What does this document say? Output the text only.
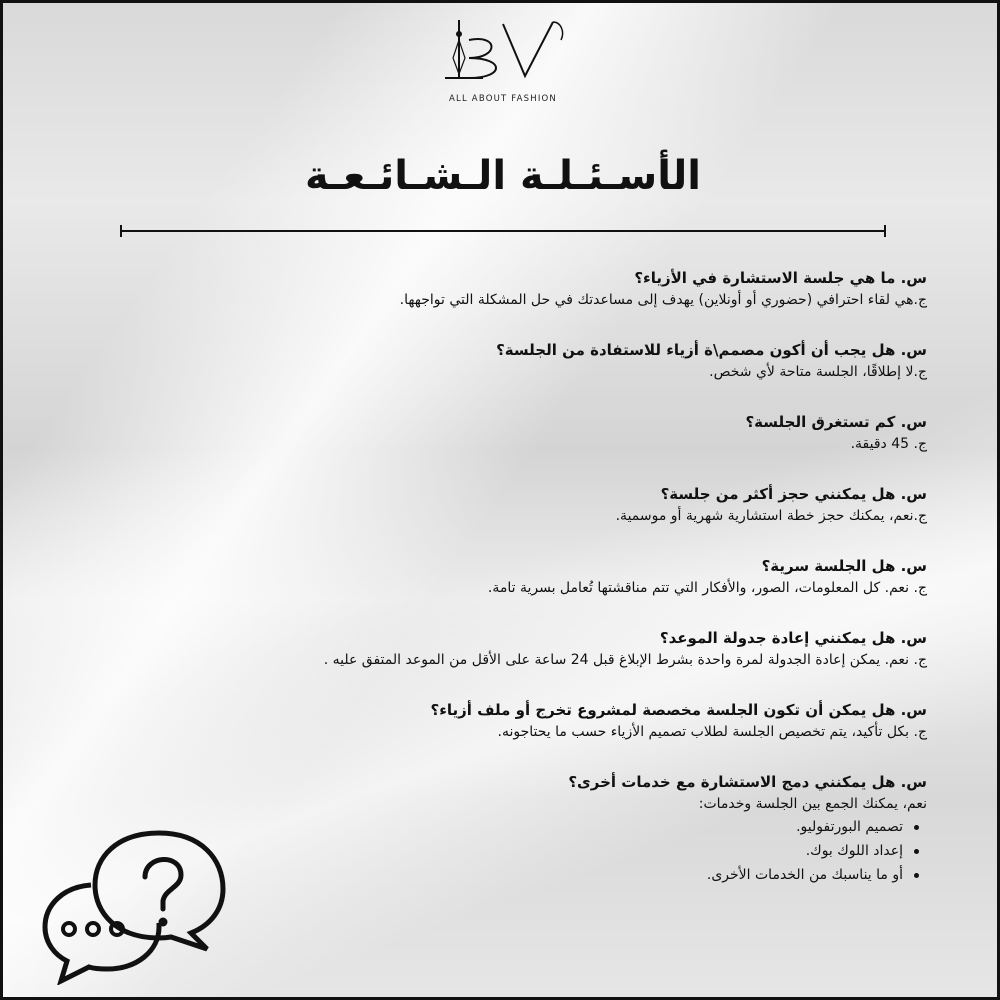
ALL ABOUT FASHION
الأسـئـلـة الـشـائـعـة
س. ما هي جلسة الاستشارة في الأزياء؟
ج.هي لقاء احترافي (حضوري أو أونلاين) يهدف إلى مساعدتك في حل المشكلة التي تواجهها.
س. هل يجب أن أكون مصمم\ة أزياء للاستفادة من الجلسة؟
ج.لا إطلاقًا، الجلسة متاحة لأي شخص.
س. كم تستغرق الجلسة؟
ج. 45 دقيقة.
س. هل يمكنني حجز أكثر من جلسة؟
ج.نعم، يمكنك حجز خطة استشارية شهرية أو موسمية.
س. هل الجلسة سرية؟
ج. نعم. كل المعلومات، الصور، والأفكار التي تتم مناقشتها تُعامل بسرية تامة.
س. هل يمكنني إعادة جدولة الموعد؟
ج. نعم. يمكن إعادة الجدولة لمرة واحدة بشرط الإبلاغ قبل 24 ساعة على الأقل من الموعد المتفق عليه .
س. هل يمكن أن تكون الجلسة مخصصة لمشروع تخرج أو ملف أزياء؟
ج. بكل تأكيد، يتم تخصيص الجلسة لطلاب تصميم الأزياء حسب ما يحتاجونه.
س. هل يمكنني دمج الاستشارة مع خدمات أخرى؟
نعم، يمكنك الجمع بين الجلسة وخدمات:
تصميم البورتفوليو.
إعداد اللوك بوك.
أو ما يناسبك من الخدمات الأخرى.
